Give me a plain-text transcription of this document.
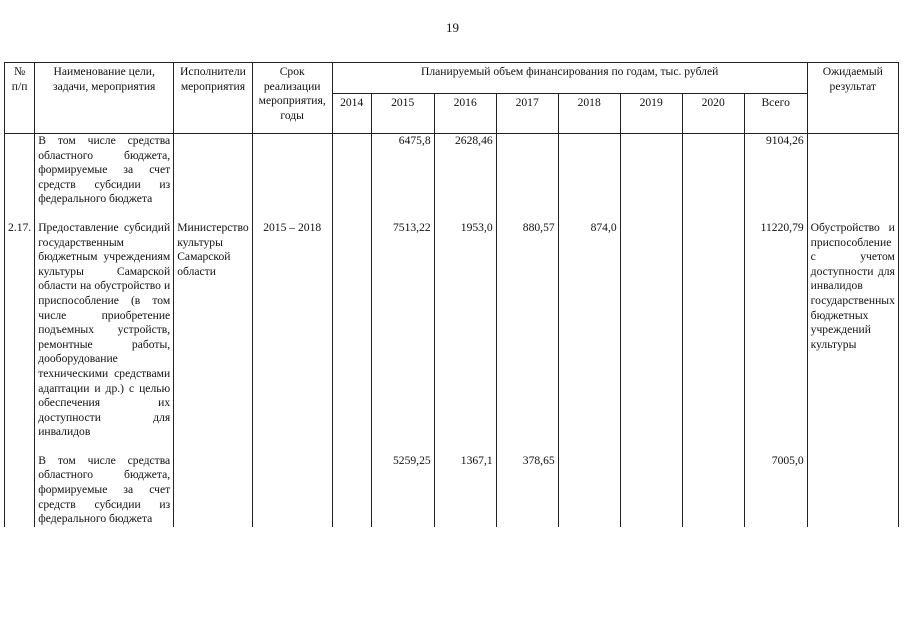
19
№ п/п	Наименование цели, задачи, мероприятия	Исполнители мероприятия	Срок реализации мероприятия, годы	Планируемый объем финансирования по годам, тыс. рублей								Ожидаемый результат
				2014	2015	2016	2017	2018	2019	2020	Всего	
	В том числе средства областного бюджета, формируемые за счет средств субсидии из федерального бюджета				6475,8	2628,46					9104,26	

2.17.	Предоставление субсидий государственным бюджетным учреждениям культуры Самарской области на обустройство и приспособление (в том числе приобретение подъемных устройств, ремонтные работы, дооборудование техническими средствами адаптации и др.) с целью обеспечения их доступности для инвалидов	Министерство культуры Самарской области	2015 – 2018		7513,22	1953,0	880,57	874,0			11220,79	Обустройство и приспособление с учетом доступности для инвалидов государственных бюджетных учреждений культуры

	В том числе средства областного бюджета, формируемые за счет средств субсидии из федерального бюджета				5259,25	1367,1	378,65				7005,0	
